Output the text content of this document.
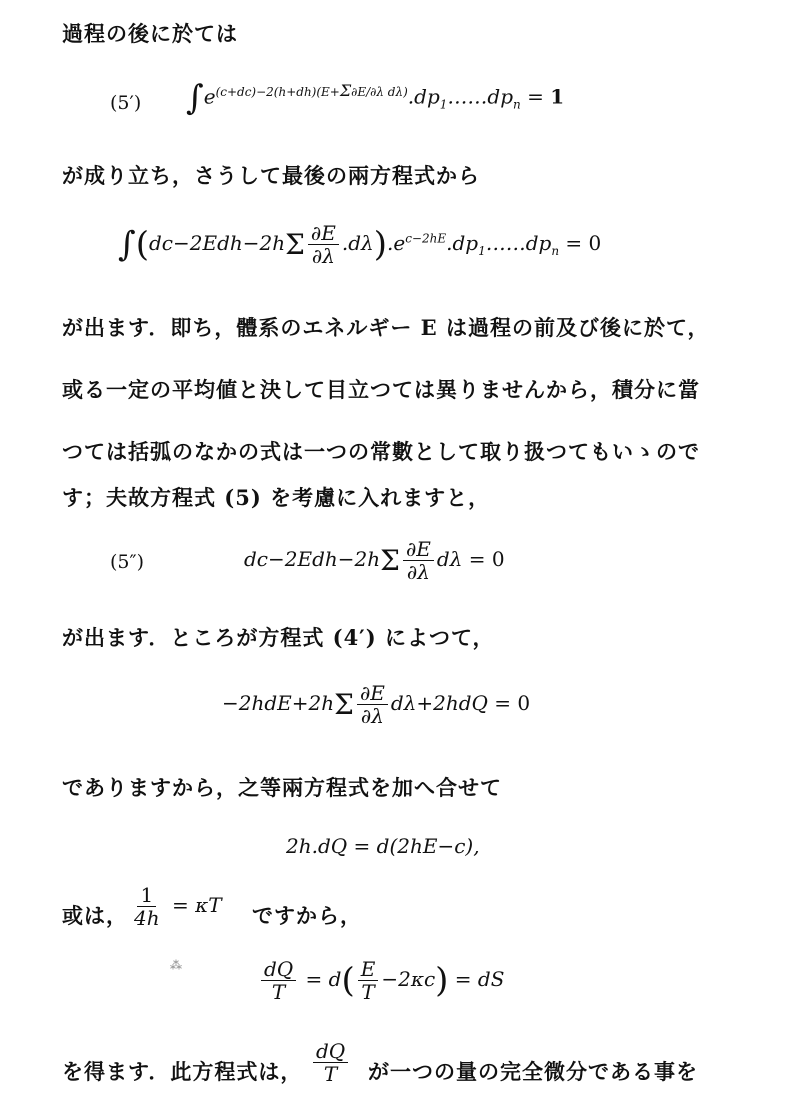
過程の後に於ては
(5′) $\int e^{(c+dc)-2(h+dh)(E+\Sigma\partial E/\partial\lambda d\lambda)}.dp_1\dots\dots dp_n = 1$
が成り立ち，さうして最後の兩方程式から
$\int(dc-2Edh-2h\Sigma \frac{\partial E}{\partial\lambda}$ $.d\lambda).e^{c-2hE}.dp_1\dots\dots dp_n = 0$
が出ます．即ち，體系のエネルギー E は過程の前及び後に於て，
或る一定の平均値と決して目立つては異りませんから，積分に當
つては括弧のなかの式は一つの常數として取り扱つてもいゝので
す；夫故方程式 (5) を考慮に入れますと，
(5″)	$dc-2Edh-2h\Sigma \frac{\partial E}{\partial\lambda}$ dλ = 0
が出ます．ところが方程式 (4′) によつて，
$-2hdE+2h\Sigma \frac{\partial E}{\partial\lambda} d\lambda+2hdQ = 0$
でありますから，之等兩方程式を加へ合せて
2h.dQ = d(2hE−c),
或は， $\frac{1}{4h} = \kappa T$ ですから，
⁂	$\frac{dQ}{T} = d( \frac{E}{T} -2\kappa c)$ = dS
を得ます．此方程式は， $\frac{dQ}{T}$ が一つの量の完全微分である事を
